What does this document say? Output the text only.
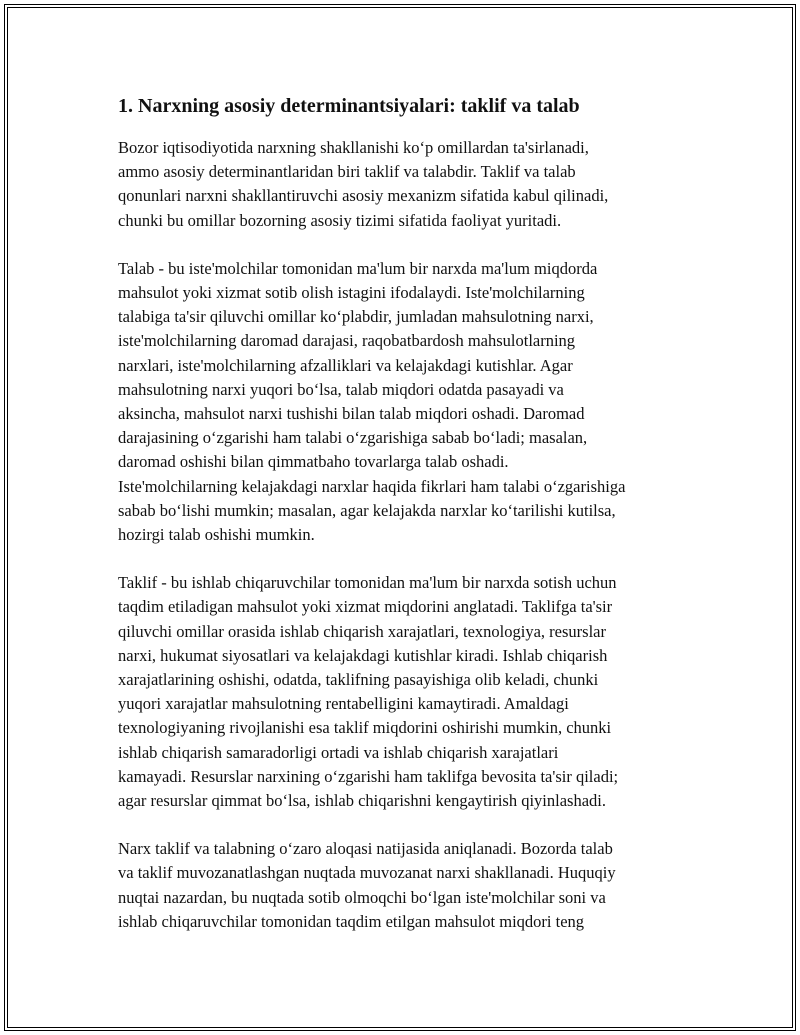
1. Narxning asosiy determinantsiyalari: taklif va talab

Bozor iqtisodiyotida narxning shakllanishi ko‘p omillardan ta'sirlanadi,
ammo asosiy determinantlaridan biri taklif va talabdir. Taklif va talab
qonunlari narxni shakllantiruvchi asosiy mexanizm sifatida kabul qilinadi,
chunki bu omillar bozorning asosiy tizimi sifatida faoliyat yuritadi.

Talab - bu iste'molchilar tomonidan ma'lum bir narxda ma'lum miqdorda
mahsulot yoki xizmat sotib olish istagini ifodalaydi. Iste'molchilarning
talabiga ta'sir qiluvchi omillar ko‘plabdir, jumladan mahsulotning narxi,
iste'molchilarning daromad darajasi, raqobatbardosh mahsulotlarning
narxlari, iste'molchilarning afzalliklari va kelajakdagi kutishlar. Agar
mahsulotning narxi yuqori bo‘lsa, talab miqdori odatda pasayadi va
aksincha, mahsulot narxi tushishi bilan talab miqdori oshadi. Daromad
darajasining o‘zgarishi ham talabi o‘zgarishiga sabab bo‘ladi; masalan,
daromad oshishi bilan qimmatbaho tovarlarga talab oshadi.
Iste'molchilarning kelajakdagi narxlar haqida fikrlari ham talabi o‘zgarishiga
sabab bo‘lishi mumkin; masalan, agar kelajakda narxlar ko‘tarilishi kutilsa,
hozirgi talab oshishi mumkin.

Taklif - bu ishlab chiqaruvchilar tomonidan ma'lum bir narxda sotish uchun
taqdim etiladigan mahsulot yoki xizmat miqdorini anglatadi. Taklifga ta'sir
qiluvchi omillar orasida ishlab chiqarish xarajatlari, texnologiya, resurslar
narxi, hukumat siyosatlari va kelajakdagi kutishlar kiradi. Ishlab chiqarish
xarajatlarining oshishi, odatda, taklifning pasayishiga olib keladi, chunki
yuqori xarajatlar mahsulotning rentabelligini kamaytiradi. Amaldagi
texnologiyaning rivojlanishi esa taklif miqdorini oshirishi mumkin, chunki
ishlab chiqarish samaradorligi ortadi va ishlab chiqarish xarajatlari
kamayadi. Resurslar narxining o‘zgarishi ham taklifga bevosita ta'sir qiladi;
agar resurslar qimmat bo‘lsa, ishlab chiqarishni kengaytirish qiyinlashadi.

Narx taklif va talabning o‘zaro aloqasi natijasida aniqlanadi. Bozorda talab
va taklif muvozanatlashgan nuqtada muvozanat narxi shakllanadi. Huquqiy
nuqtai nazardan, bu nuqtada sotib olmoqchi bo‘lgan iste'molchilar soni va
ishlab chiqaruvchilar tomonidan taqdim etilgan mahsulot miqdori teng
